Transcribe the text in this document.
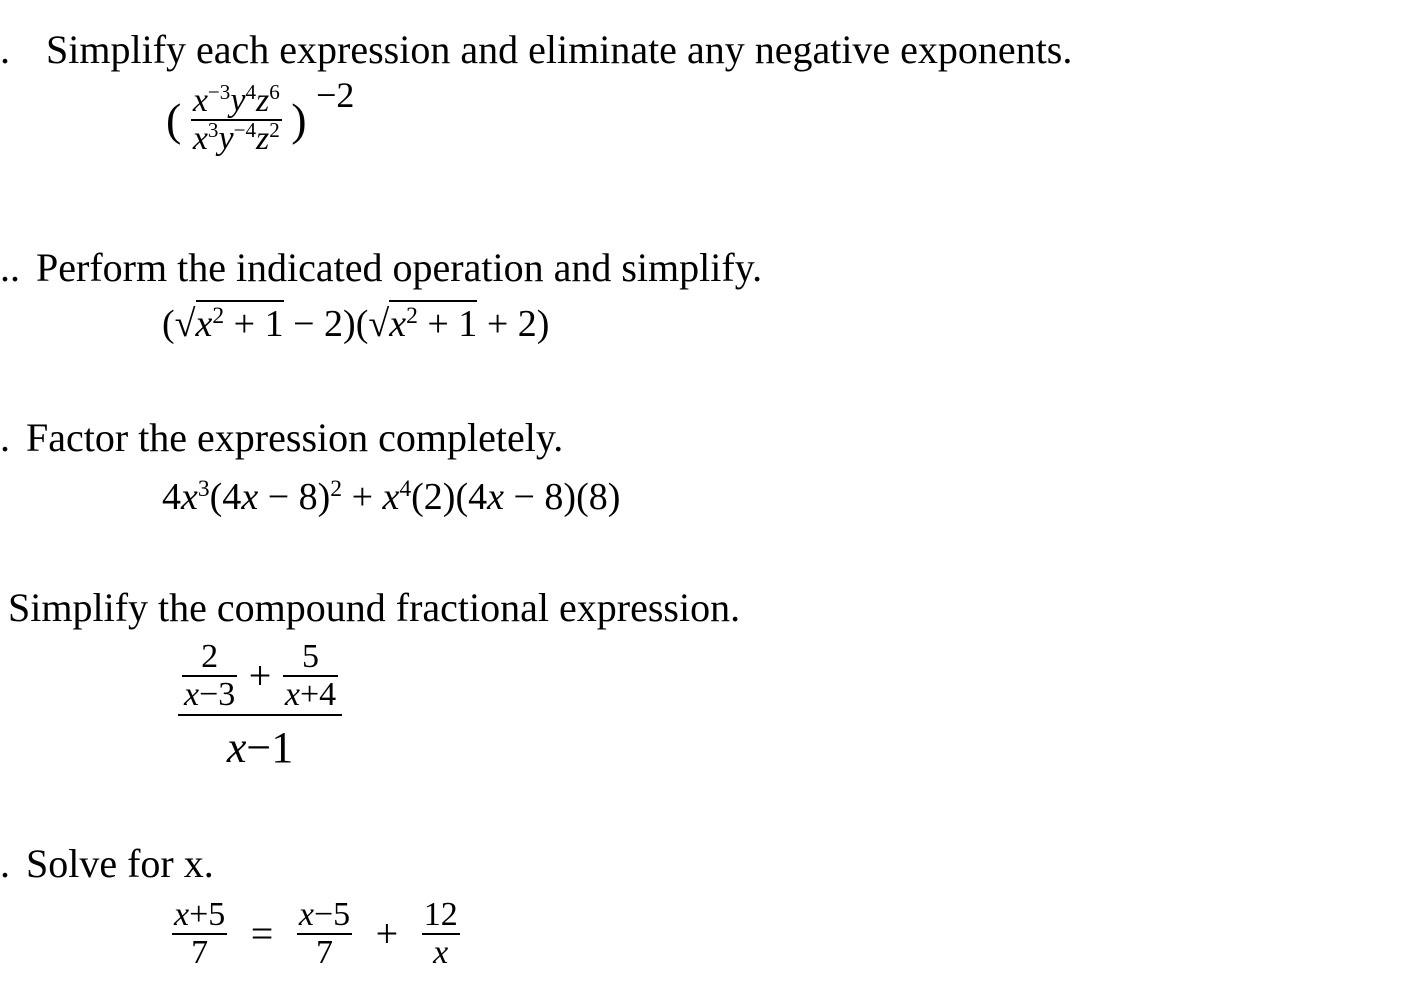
. Simplify each expression and eliminate any negative exponents.
( $\frac{x^{-3}y^4z^6}{x^3y^{-4}z^2}$ ) −2
.. Perform the indicated operation and simplify.
$(√x^2 + 1 - 2)(√x^2 + 1 + 2)$
. Factor the expression completely.
$4x^3(4x - 8)^2 + x^4(2)(4x - 8)(8)$
Simplify the compound fractional expression.
$\frac{\frac{2}{x-3} + \frac{5}{x+4}}{x-1}$
. Solve for x.
$\frac{x+5}{7} = \frac{x-5}{7} + \frac{12}{x}$
